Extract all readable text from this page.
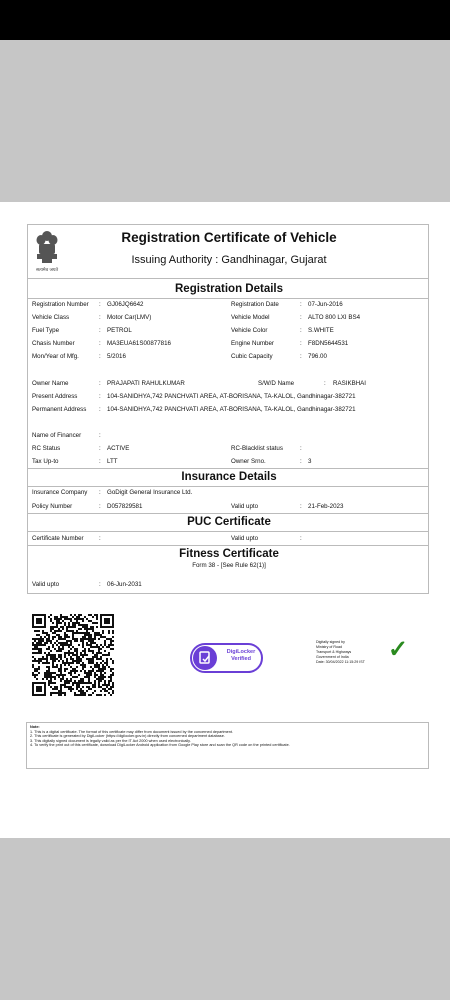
सत्यमेव जयते
Registration Certificate of Vehicle
Issuing Authority : Gandhinagar, Gujarat
Registration Details
Registration Number : GJ06JQ6642	Registration Date	: 07-Jun-2016
Vehicle Class	: Motor Car(LMV)	Vehicle Model	: ALTO 800 LXI BS4
Fuel Type	: PETROL	Vehicle Color	: S.WHITE
Chasis Number	: MA3EUA61S00877816	Engine Number	: F8DN5644531
Mon/Year of Mfg.	: 5/2016	Cubic Capacity	: 796.00
Owner Name	: PRAJAPATI RAHULKUMAR	S/W/D Name	: RASIKBHAI
Present Address	: 104-SANIDHYA,742 PANCHVATI AREA, AT-BORISANA, TA-KALOL, Gandhinagar-382721
Permanent Address : 104-SANIDHYA,742 PANCHVATI AREA, AT-BORISANA, TA-KALOL, Gandhinagar-382721
Name of Financer	:
RC Status	: ACTIVE	RC-Blacklist status	:
Tax Up-to	: LTT	Owner Srno.	: 3
Insurance Details
Insurance Company : GoDigit General Insurance Ltd.
Policy Number	: D057829581	Valid upto	: 21-Feb-2023
PUC Certificate
Certificate Number :	Valid upto	:
Fitness Certificate
Form 38 - [See Rule 62(1)]
Valid upto	: 06-Jun-2031
DigiLocker
Verified
Digitally signed by
Ministry of Road
Transport & Highways
Government of India
Date: 30/04/2022 11:15:29 IST ✓
Note:
1. This is a digital certificate. The format of this certificate may differ from document issued by the concerned department.
2. This certificate is generated by DigiLocker (https://digilocker.gov.in) directly from concerned department database.
3. This digitally signed document is legally valid as per the IT Act 2000 when used electronically.
4. To verify the print out of this certificate, download DigiLocker Android application from Google Play store and scan the QR code on the printed certificate.
